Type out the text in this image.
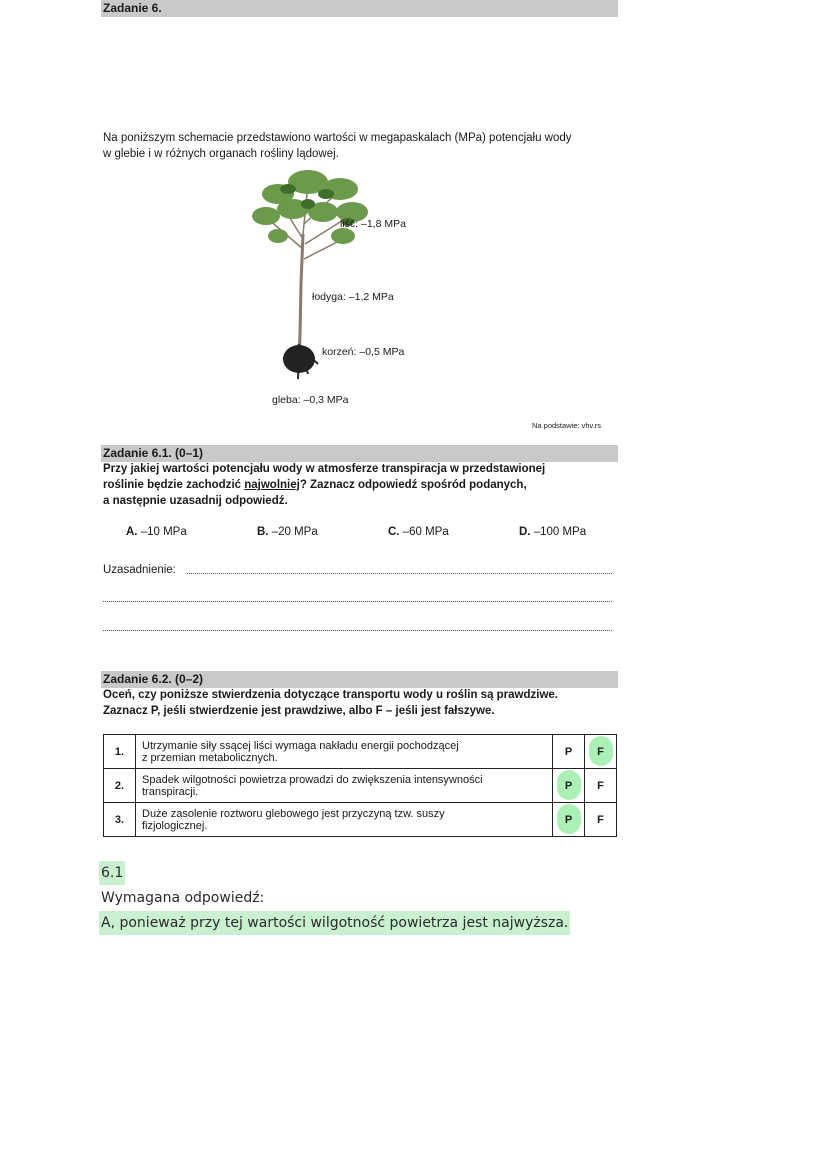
Zadanie 6.
Na poniższym schemacie przedstawiono wartości w megapaskalach (MPa) potencjału wody
w glebie i w różnych organach rośliny lądowej.
liść: –1,8 MPa
łodyga: –1,2 MPa
korzeń: –0,5 MPa
gleba: –0,3 MPa
Na podstawie: vhv.rs
Zadanie 6.1. (0–1)
Przy jakiej wartości potencjału wody w atmosferze transpiracja w przedstawionej
roślinie będzie zachodzić najwolniej? Zaznacz odpowiedź spośród podanych,
a następnie uzasadnij odpowiedź.
A. –10 MPa	B. –20 MPa	C. –60 MPa	D. –100 MPa
Uzasadnienie:
Zadanie 6.2. (0–2)
Oceń, czy poniższe stwierdzenia dotyczące transportu wody u roślin są prawdziwe.
Zaznacz P, jeśli stwierdzenie jest prawdziwe, albo F – jeśli jest fałszywe.
1.	Utrzymanie siły ssącej liści wymaga nakładu energii pochodzącej
z przemian metabolicznych.	P	F
2.	Spadek wilgotności powietrza prowadzi do zwiększenia intensywności
transpiracji.	P	F
3.	Duże zasolenie roztworu glebowego jest przyczyną tzw. suszy
fizjologicznej.	P	F
6.1
Wymagana odpowiedź:
A, ponieważ przy tej wartości wilgotność powietrza jest najwyższa.
